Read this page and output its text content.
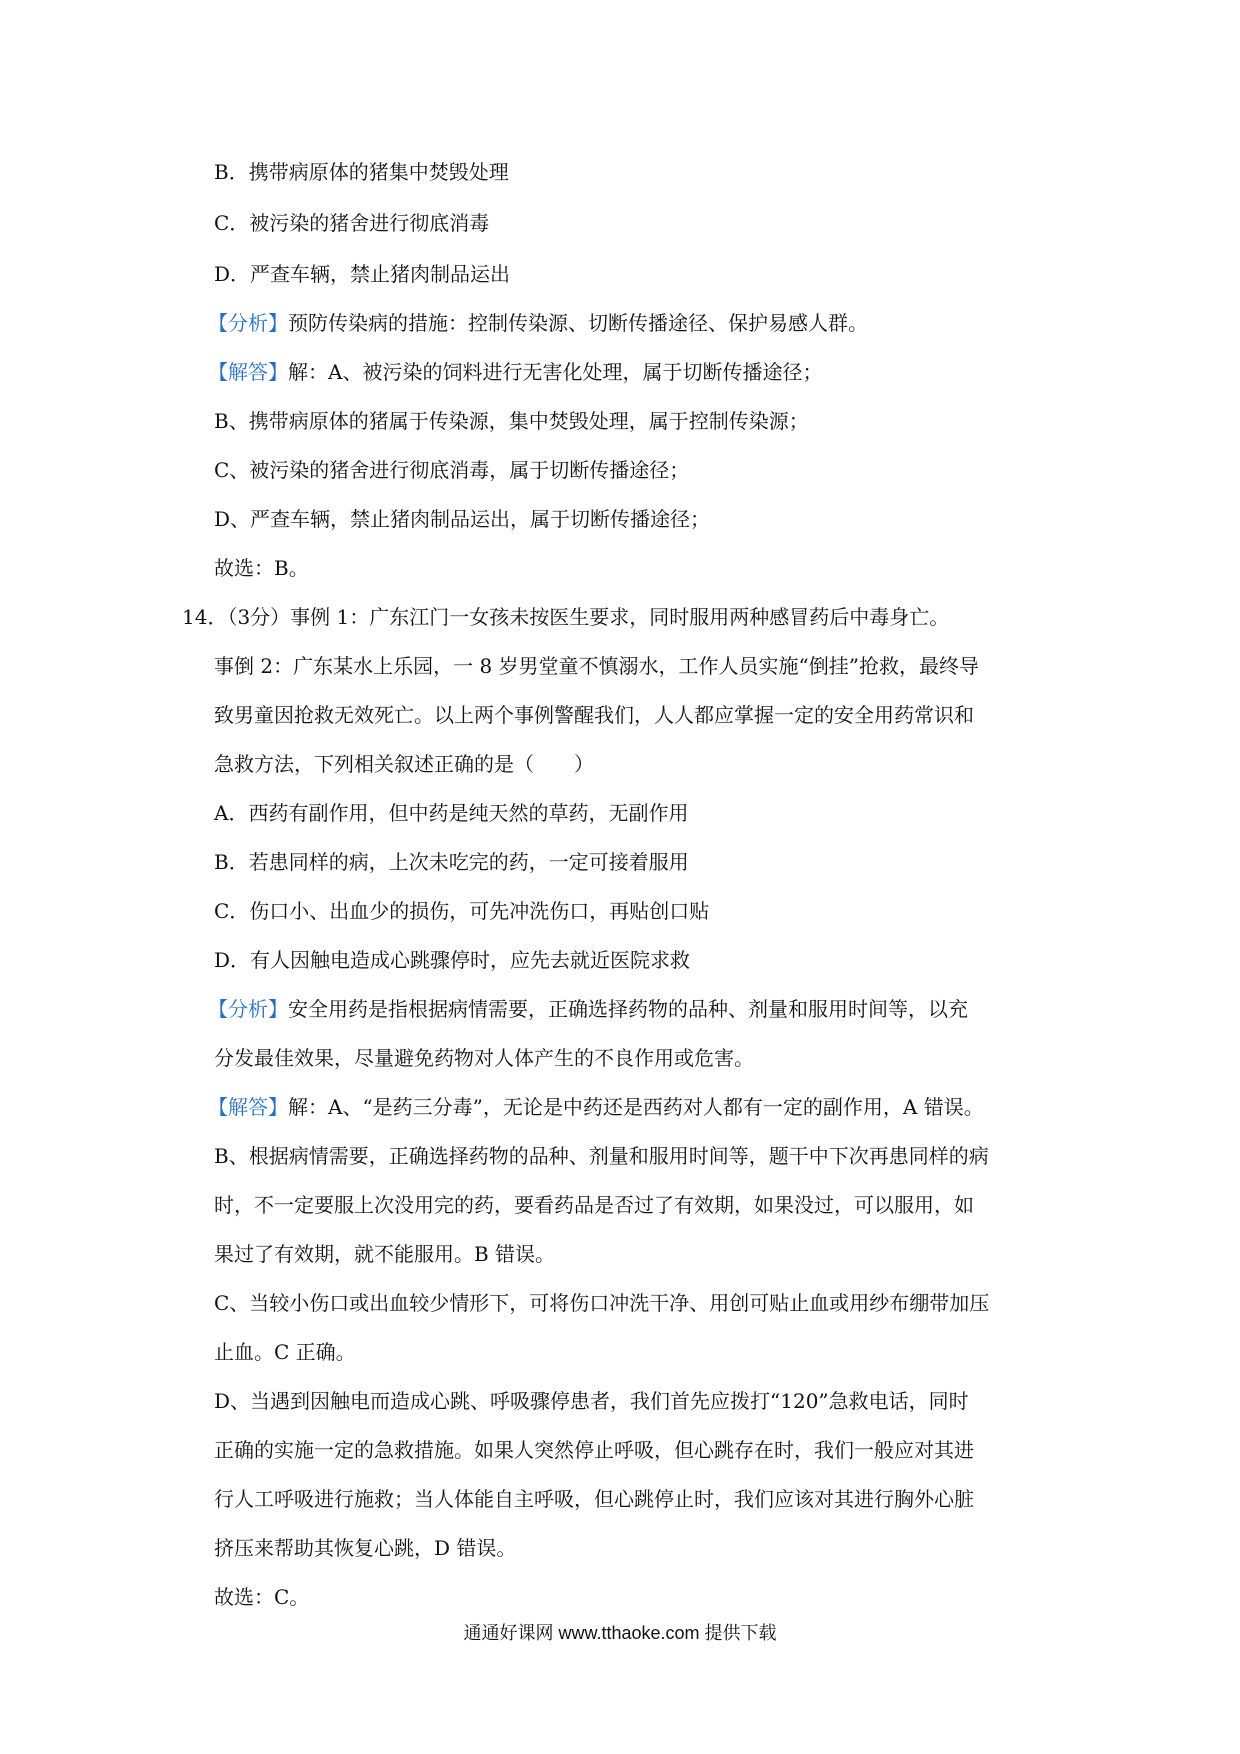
B．携带病原体的猪集中焚毁处理
C．被污染的猪舍进行彻底消毒
D．严查车辆，禁止猪肉制品运出
【分析】预防传染病的措施：控制传染源、切断传播途径、保护易感人群。
【解答】解：A、被污染的饲料进行无害化处理，属于切断传播途径；
B、携带病原体的猪属于传染源，集中焚毁处理，属于控制传染源；
C、被污染的猪舍进行彻底消毒，属于切断传播途径；
D、严查车辆，禁止猪肉制品运出，属于切断传播途径；
故选：B。
14．（3分）事例 1：广东江门一女孩未按医生要求，同时服用两种感冒药后中毒身亡。
事倒 2：广东某水上乐园，一 8 岁男堂童不慎溺水，工作人员实施“倒挂”抢救，最终导
致男童因抢救无效死亡。以上两个事例警醒我们，人人都应掌握一定的安全用药常识和
急救方法，下列相关叙述正确的是（　　）
A．西药有副作用，但中药是纯天然的草药，无副作用
B．若患同样的病，上次未吃完的药，一定可接着服用
C．伤口小、出血少的损伤，可先冲洗伤口，再贴创口贴
D．有人因触电造成心跳骤停时，应先去就近医院求救
【分析】安全用药是指根据病情需要，正确选择药物的品种、剂量和服用时间等，以充
分发最佳效果，尽量避免药物对人体产生的不良作用或危害。
【解答】解：A、“是药三分毒”，无论是中药还是西药对人都有一定的副作用，A 错误。
B、根据病情需要，正确选择药物的品种、剂量和服用时间等，题干中下次再患同样的病
时，不一定要服上次没用完的药，要看药品是否过了有效期，如果没过，可以服用，如
果过了有效期，就不能服用。B 错误。
C、当较小伤口或出血较少情形下，可将伤口冲洗干净、用创可贴止血或用纱布绷带加压
止血。C 正确。
D、当遇到因触电而造成心跳、呼吸骤停患者，我们首先应拨打“120”急救电话，同时
正确的实施一定的急救措施。如果人突然停止呼吸，但心跳存在时，我们一般应对其进
行人工呼吸进行施救；当人体能自主呼吸，但心跳停止时，我们应该对其进行胸外心脏
挤压来帮助其恢复心跳，D 错误。
故选：C。
通通好课网 www.tthaoke.com 提供下载
